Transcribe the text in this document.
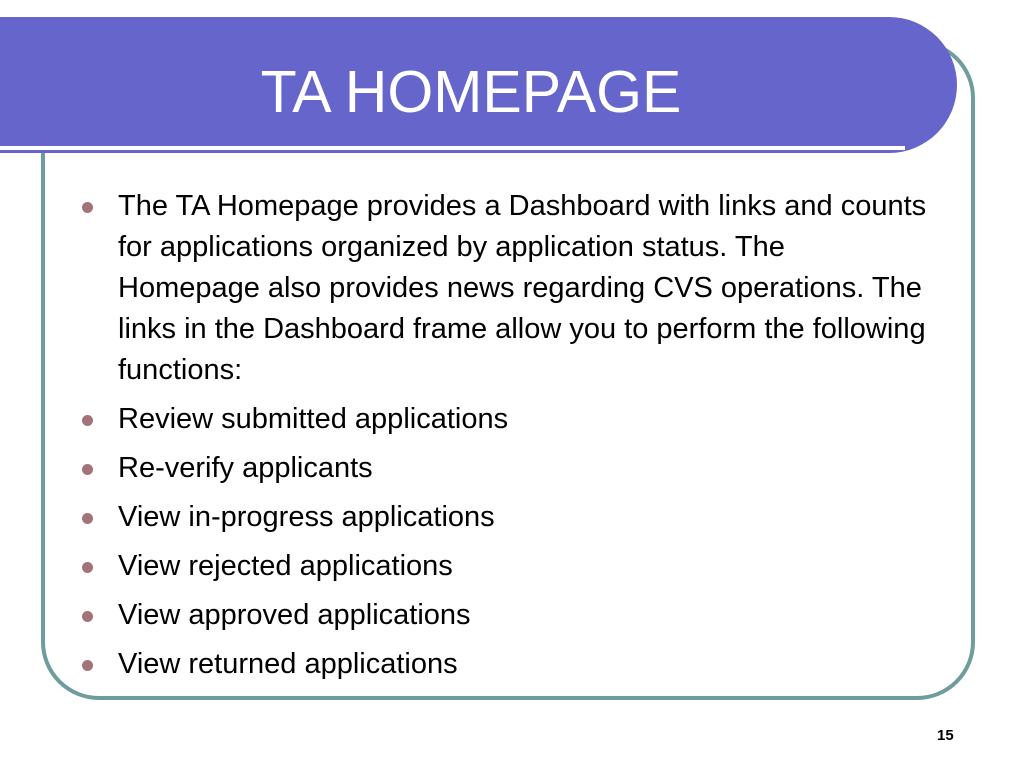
TA HOMEPAGE
The TA Homepage provides a Dashboard with links and counts for applications organized by application status. The Homepage also provides news regarding CVS operations. The links in the Dashboard frame allow you to perform the following functions:
Review submitted applications
Re-verify applicants
View in-progress applications
View rejected applications
View approved applications
View returned applications
15
